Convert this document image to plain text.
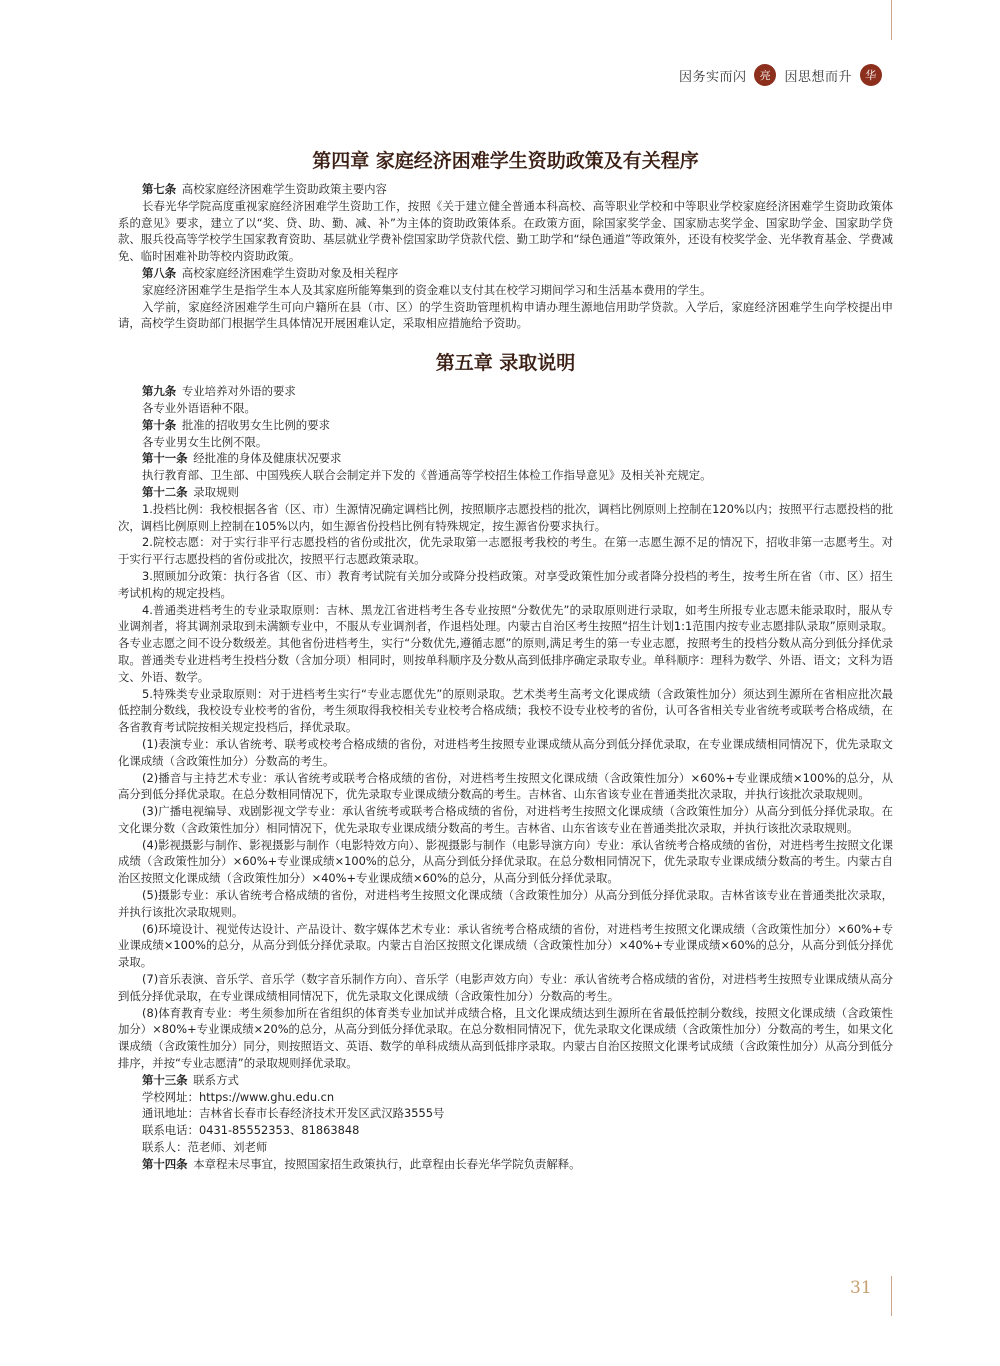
因务实而闪	亮	因思想而升	华
第四章 家庭经济困难学生资助政策及有关程序

第七条  高校家庭经济困难学生资助政策主要内容

长春光华学院高度重视家庭经济困难学生资助工作，按照《关于建立健全普通本科高校、高等职业学校和中等职业学校家庭经济困难学生资助政策体系的意见》要求，建立了以“奖、贷、助、勤、减、补”为主体的资助政策体系。在政策方面，除国家奖学金、国家励志奖学金、国家助学金、国家助学贷款、服兵役高等学校学生国家教育资助、基层就业学费补偿国家助学贷款代偿、勤工助学和“绿色通道”等政策外，还设有校奖学金、光华教育基金、学费减免、临时困难补助等校内资助政策。

第八条  高校家庭经济困难学生资助对象及相关程序

家庭经济困难学生是指学生本人及其家庭所能筹集到的资金难以支付其在校学习期间学习和生活基本费用的学生。

入学前，家庭经济困难学生可向户籍所在县（市、区）的学生资助管理机构申请办理生源地信用助学贷款。入学后，家庭经济困难学生向学校提出申请，高校学生资助部门根据学生具体情况开展困难认定，采取相应措施给予资助。

第五章 录取说明

第九条  专业培养对外语的要求

各专业外语语种不限。

第十条  批准的招收男女生比例的要求

各专业男女生比例不限。

第十一条  经批准的身体及健康状况要求

执行教育部、卫生部、中国残疾人联合会制定并下发的《普通高等学校招生体检工作指导意见》及相关补充规定。

第十二条  录取规则

1.投档比例：我校根据各省（区、市）生源情况确定调档比例，按照顺序志愿投档的批次，调档比例原则上控制在120%以内；按照平行志愿投档的批次，调档比例原则上控制在105%以内，如生源省份投档比例有特殊规定，按生源省份要求执行。

2.院校志愿：对于实行非平行志愿投档的省份或批次，优先录取第一志愿报考我校的考生。在第一志愿生源不足的情况下，招收非第一志愿考生。对于实行平行志愿投档的省份或批次，按照平行志愿政策录取。

3.照顾加分政策：执行各省（区、市）教育考试院有关加分或降分投档政策。对享受政策性加分或者降分投档的考生，按考生所在省（市、区）招生考试机构的规定投档。

4.普通类进档考生的专业录取原则：吉林、黑龙江省进档考生各专业按照“分数优先”的录取原则进行录取，如考生所报专业志愿未能录取时，服从专业调剂者，将其调剂录取到未满额专业中，不服从专业调剂者，作退档处理。内蒙古自治区考生按照“招生计划1:1范围内按专业志愿排队录取”原则录取。各专业志愿之间不设分数级差。其他省份进档考生，实行“分数优先,遵循志愿”的原则,满足考生的第一专业志愿，按照考生的投档分数从高分到低分择优录取。普通类专业进档考生投档分数（含加分项）相同时，则按单科顺序及分数从高到低排序确定录取专业。单科顺序：理科为数学、外语、语文；文科为语文、外语、数学。

5.特殊类专业录取原则：对于进档考生实行“专业志愿优先”的原则录取。艺术类考生高考文化课成绩（含政策性加分）须达到生源所在省相应批次最低控制分数线，我校设专业校考的省份，考生须取得我校相关专业校考合格成绩；我校不设专业校考的省份，认可各省相关专业省统考或联考合格成绩，在各省教育考试院按相关规定投档后，择优录取。

(1)表演专业：承认省统考、联考或校考合格成绩的省份，对进档考生按照专业课成绩从高分到低分择优录取，在专业课成绩相同情况下，优先录取文化课成绩（含政策性加分）分数高的考生。

(2)播音与主持艺术专业：承认省统考或联考合格成绩的省份，对进档考生按照文化课成绩（含政策性加分）×60%+专业课成绩×100%的总分，从高分到低分择优录取。在总分数相同情况下，优先录取专业课成绩分数高的考生。吉林省、山东省该专业在普通类批次录取，并执行该批次录取规则。

(3)广播电视编导、戏剧影视文学专业：承认省统考或联考合格成绩的省份，对进档考生按照文化课成绩（含政策性加分）从高分到低分择优录取。在文化课分数（含政策性加分）相同情况下，优先录取专业课成绩分数高的考生。吉林省、山东省该专业在普通类批次录取，并执行该批次录取规则。

(4)影视摄影与制作、影视摄影与制作（电影特效方向）、影视摄影与制作（电影导演方向）专业：承认省统考合格成绩的省份，对进档考生按照文化课成绩（含政策性加分）×60%+专业课成绩×100%的总分，从高分到低分择优录取。在总分数相同情况下，优先录取专业课成绩分数高的考生。内蒙古自治区按照文化课成绩（含政策性加分）×40%+专业课成绩×60%的总分，从高分到低分择优录取。

(5)摄影专业：承认省统考合格成绩的省份，对进档考生按照文化课成绩（含政策性加分）从高分到低分择优录取。吉林省该专业在普通类批次录取，并执行该批次录取规则。

(6)环境设计、视觉传达设计、产品设计、数字媒体艺术专业：承认省统考合格成绩的省份，对进档考生按照文化课成绩（含政策性加分）×60%+专业课成绩×100%的总分，从高分到低分择优录取。内蒙古自治区按照文化课成绩（含政策性加分）×40%+专业课成绩×60%的总分，从高分到低分择优录取。

(7)音乐表演、音乐学、音乐学（数字音乐制作方向）、音乐学（电影声效方向）专业：承认省统考合格成绩的省份，对进档考生按照专业课成绩从高分到低分择优录取，在专业课成绩相同情况下，优先录取文化课成绩（含政策性加分）分数高的考生。

(8)体育教育专业：考生须参加所在省组织的体育类专业加试并成绩合格，且文化课成绩达到生源所在省最低控制分数线，按照文化课成绩（含政策性加分）×80%+专业课成绩×20%的总分，从高分到低分择优录取。在总分数相同情况下，优先录取文化课成绩（含政策性加分）分数高的考生，如果文化课成绩（含政策性加分）同分，则按照语文、英语、数学的单科成绩从高到低排序录取。内蒙古自治区按照文化课考试成绩（含政策性加分）从高分到低分排序，并按“专业志愿清”的录取规则择优录取。

第十三条  联系方式

学校网址：https://www.ghu.edu.cn

通讯地址：吉林省长春市长春经济技术开发区武汉路3555号

联系电话：0431-85552353、81863848

联系人：范老师、刘老师

第十四条  本章程未尽事宜，按照国家招生政策执行，此章程由长春光华学院负责解释。

31
